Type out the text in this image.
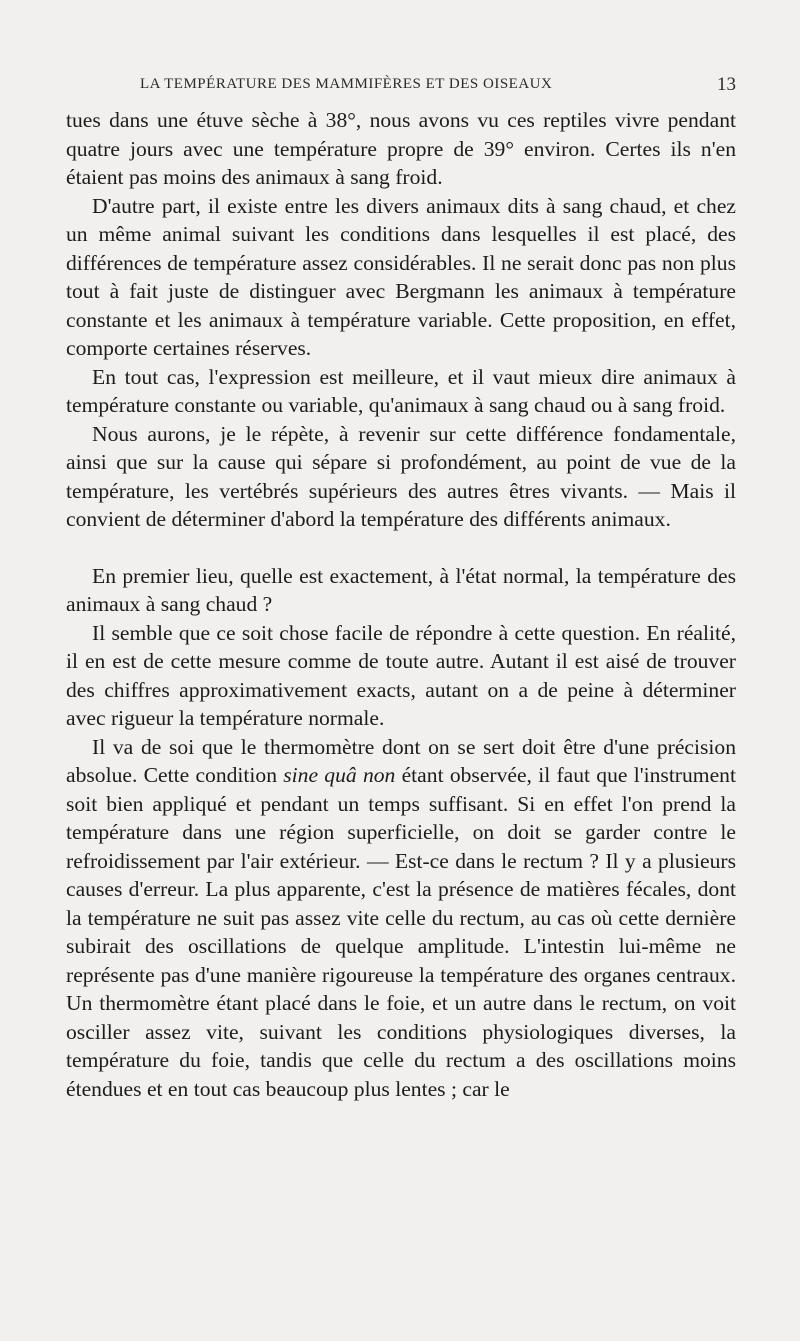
LA TEMPÉRATURE DES MAMMIFÈRES ET DES OISEAUX	13

tues dans une étuve sèche à 38°, nous avons vu ces reptiles vivre pendant quatre jours avec une température propre de 39° environ. Certes ils n'en étaient pas moins des animaux à sang froid.

D'autre part, il existe entre les divers animaux dits à sang chaud, et chez un même animal suivant les conditions dans lesquelles il est placé, des différences de température assez considérables. Il ne serait donc pas non plus tout à fait juste de distinguer avec Bergmann les animaux à température constante et les animaux à température variable. Cette proposition, en effet, comporte certaines réserves.

En tout cas, l'expression est meilleure, et il vaut mieux dire animaux à température constante ou variable, qu'animaux à sang chaud ou à sang froid.

Nous aurons, je le répète, à revenir sur cette différence fondamentale, ainsi que sur la cause qui sépare si profondément, au point de vue de la température, les vertébrés supérieurs des autres êtres vivants. — Mais il convient de déterminer d'abord la température des différents animaux.

En premier lieu, quelle est exactement, à l'état normal, la température des animaux à sang chaud ?

Il semble que ce soit chose facile de répondre à cette question. En réalité, il en est de cette mesure comme de toute autre. Autant il est aisé de trouver des chiffres approximativement exacts, autant on a de peine à déterminer avec rigueur la température normale.

Il va de soi que le thermomètre dont on se sert doit être d'une précision absolue. Cette condition sine quâ non étant observée, il faut que l'instrument soit bien appliqué et pendant un temps suffisant. Si en effet l'on prend la température dans une région superficielle, on doit se garder contre le refroidissement par l'air extérieur. — Est-ce dans le rectum ? Il y a plusieurs causes d'erreur. La plus apparente, c'est la présence de matières fécales, dont la température ne suit pas assez vite celle du rectum, au cas où cette dernière subirait des oscillations de quelque amplitude. L'intestin lui-même ne représente pas d'une manière rigoureuse la température des organes centraux. Un thermomètre étant placé dans le foie, et un autre dans le rectum, on voit osciller assez vite, suivant les conditions physiologiques diverses, la température du foie, tandis que celle du rectum a des oscillations moins étendues et en tout cas beaucoup plus lentes ; car le
